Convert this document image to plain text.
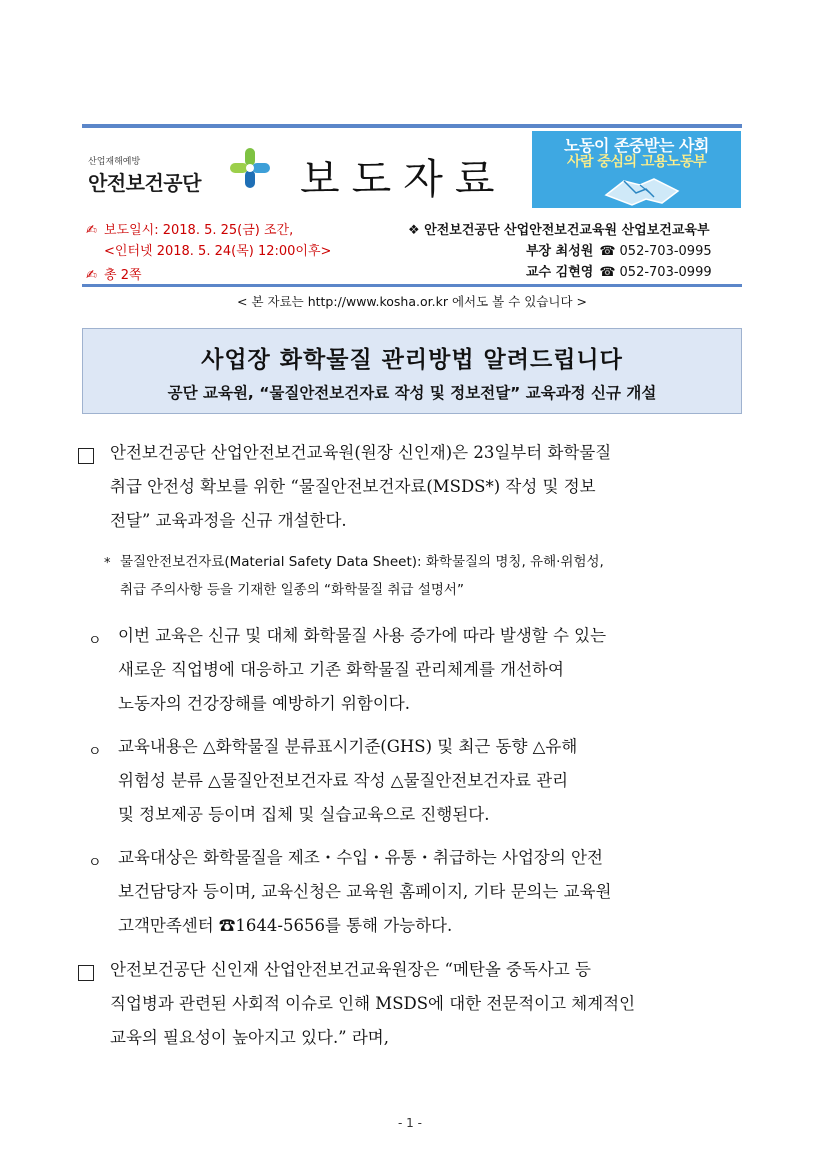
산업재해예방
안전보건공단 보도자료
노동이 존중받는 사회
사람 중심의 고용노동부
✍ 보도일시: 2018. 5. 25(금) 조간,
<인터넷 2018. 5. 24(목) 12:00이후>
✍ 총 2쪽
❖ 안전보건공단 산업안전보건교육원 산업보건교육부
부장 최성원 ☎ 052-703-0995
교수 김현영 ☎ 052-703-0999
< 본 자료는 http://www.kosha.or.kr 에서도 볼 수 있습니다 >
사업장 화학물질 관리방법 알려드립니다
공단 교육원, “물질안전보건자료 작성 및 정보전달” 교육과정 신규 개설
안전보건공단 산업안전보건교육원(원장 신인재)은 23일부터 화학물질
취급 안전성 확보를 위한 “물질안전보건자료(MSDS*) 작성 및 정보
전달” 교육과정을 신규 개설한다.
* 물질안전보건자료(Material Safety Data Sheet): 화학물질의 명칭, 유해·위험성,
취급 주의사항 등을 기재한 일종의 “화학물질 취급 설명서”
ㅇ 이번 교육은 신규 및 대체 화학물질 사용 증가에 따라 발생할 수 있는
새로운 직업병에 대응하고 기존 화학물질 관리체계를 개선하여
노동자의 건강장해를 예방하기 위함이다.
ㅇ 교육내용은 △화학물질 분류표시기준(GHS) 및 최근 동향 △유해
위험성 분류 △물질안전보건자료 작성 △물질안전보건자료 관리
및 정보제공 등이며 집체 및 실습교육으로 진행된다.
ㅇ 교육대상은 화학물질을 제조・수입・유통・취급하는 사업장의 안전
보건담당자 등이며, 교육신청은 교육원 홈페이지, 기타 문의는 교육원
고객만족센터 ☎1644-5656를 통해 가능하다.
안전보건공단 신인재 산업안전보건교육원장은 “메탄올 중독사고 등
직업병과 관련된 사회적 이슈로 인해 MSDS에 대한 전문적이고 체계적인
교육의 필요성이 높아지고 있다.” 라며,
- 1 -
